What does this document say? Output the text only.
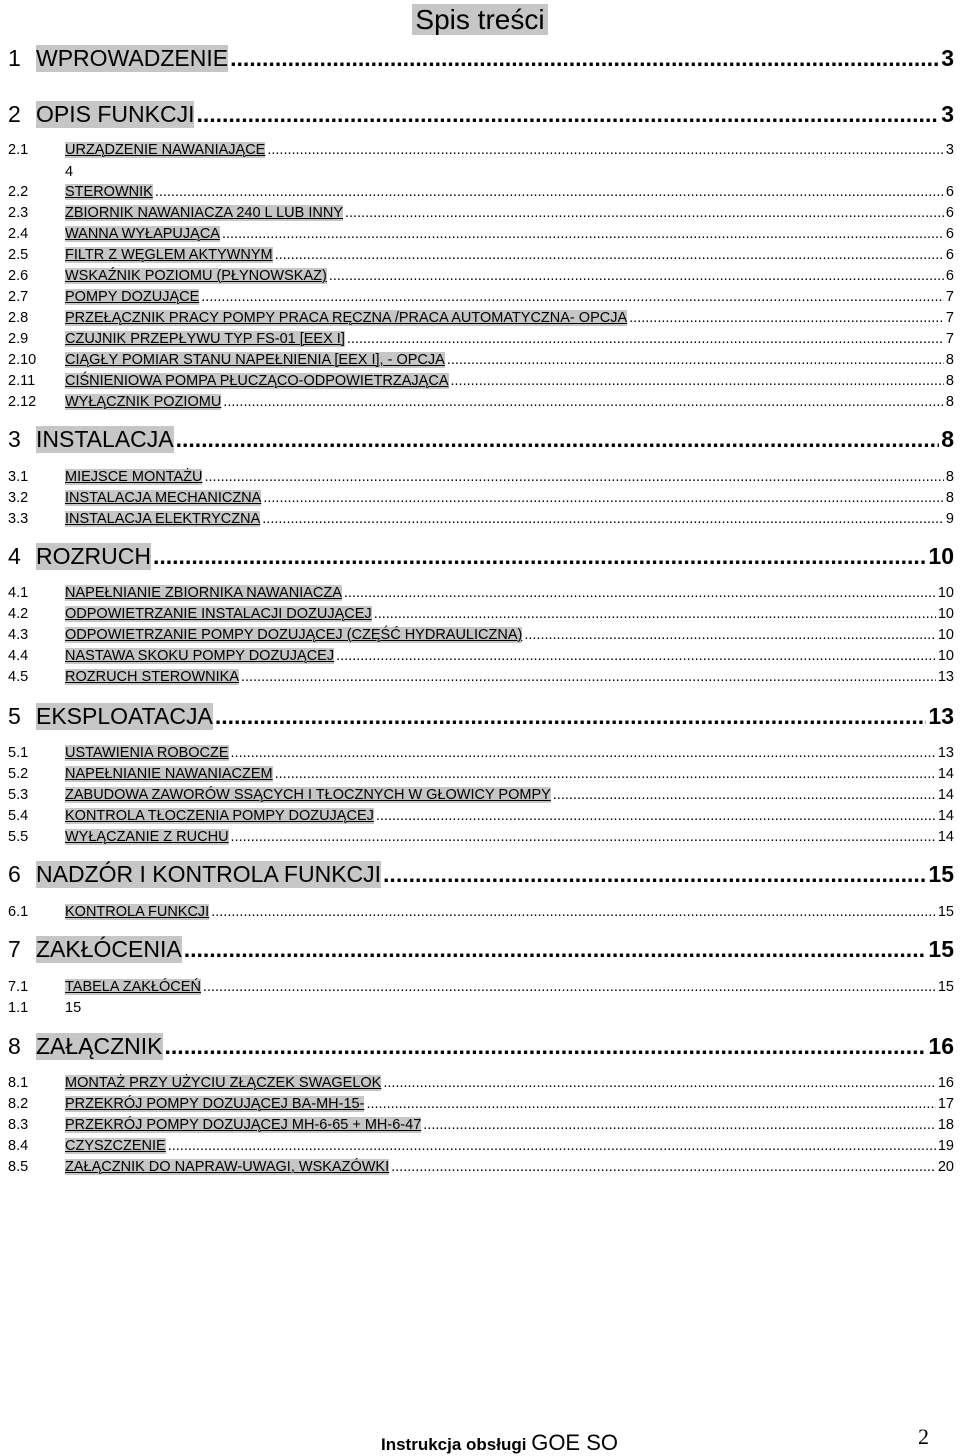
Spis treści
1 WPROWADZENIE .....	3
2 OPIS FUNKCJI .....	3
2.1	URZĄDZENIE NAWANIAJĄCE .....	3
2.2	STEROWNIK .....	6
2.3	ZBIORNIK NAWANIACZA 240 L LUB INNY .....	6
2.4	WANNA WYŁAPUJĄCA .....	6
2.5	FILTR Z WĘGLEM AKTYWNYM .....	6
2.6	WSKAŹNIK POZIOMU (PŁYNOWSKAZ) .....	6
2.7	POMPY DOZUJĄCE .....	7
2.8	PRZEŁĄCZNIK PRACY POMPY PRACA RĘCZNA /PRACA AUTOMATYCZNA- OPCJA .....	7
2.9	CZUJNIK PRZEPŁYWU TYP FS-01 [EEX I] .....	7
2.10	CIĄGŁY POMIAR STANU NAPEŁNIENIA [EEX I], - OPCJA .....	8
2.11	CIŚNIENIOWA POMPA PŁUCZĄCO-ODPOWIETRZAJĄCA .....	8
2.12	WYŁĄCZNIK POZIOMU .....	8
3 INSTALACJA .....	8
3.1	MIEJSCE MONTAŻU .....	8
3.2	INSTALACJA MECHANICZNA .....	8
3.3	INSTALACJA ELEKTRYCZNA .....	9
4 ROZRUCH .....	10
4.1	NAPEŁNIANIE ZBIORNIKA NAWANIACZA .....	10
4.2	ODPOWIETRZANIE INSTALACJI DOZUJĄCEJ .....	10
4.3	ODPOWIETRZANIE POMPY DOZUJĄCEJ (CZĘŚĆ HYDRAULICZNA) .....	10
4.4	NASTAWA SKOKU POMPY DOZUJĄCEJ .....	10
4.5	ROZRUCH STEROWNIKA .....	13
5 EKSPLOATACJA .....	13
5.1	USTAWIENIA ROBOCZE .....	13
5.2	NAPEŁNIANIE NAWANIACZEM .....	14
5.3	ZABUDOWA ZAWORÓW SSĄCYCH I TŁOCZNYCH W GŁOWICY POMPY .....	14
5.4	KONTROLA TŁOCZENIA POMPY DOZUJĄCEJ .....	14
5.5	WYŁĄCZANIE Z RUCHU .....	14
6 NADZÓR I KONTROLA FUNKCJI .....	15
6.1	KONTROLA FUNKCJI .....	15
7 ZAKŁÓCENIA .....	15
7.1	TABELA ZAKŁÓCEŃ .....	15
1.1	15
8 ZAŁĄCZNIK .....	16
8.1	MONTAŻ PRZY UŻYCIU ZŁĄCZEK SWAGELOK .....	16
8.2	PRZEKRÓJ POMPY DOZUJĄCEJ BA-MH-15- .....	17
8.3	PRZEKRÓJ POMPY DOZUJĄCEJ MH-6-65 + MH-6-47 .....	18
8.4	CZYSZCZENIE .....	19
8.5	ZAŁĄCZNIK DO NAPRAW-UWAGI, WSKAZÓWKI .....	20
4
Instrukcja obsługi GOE SO	2
